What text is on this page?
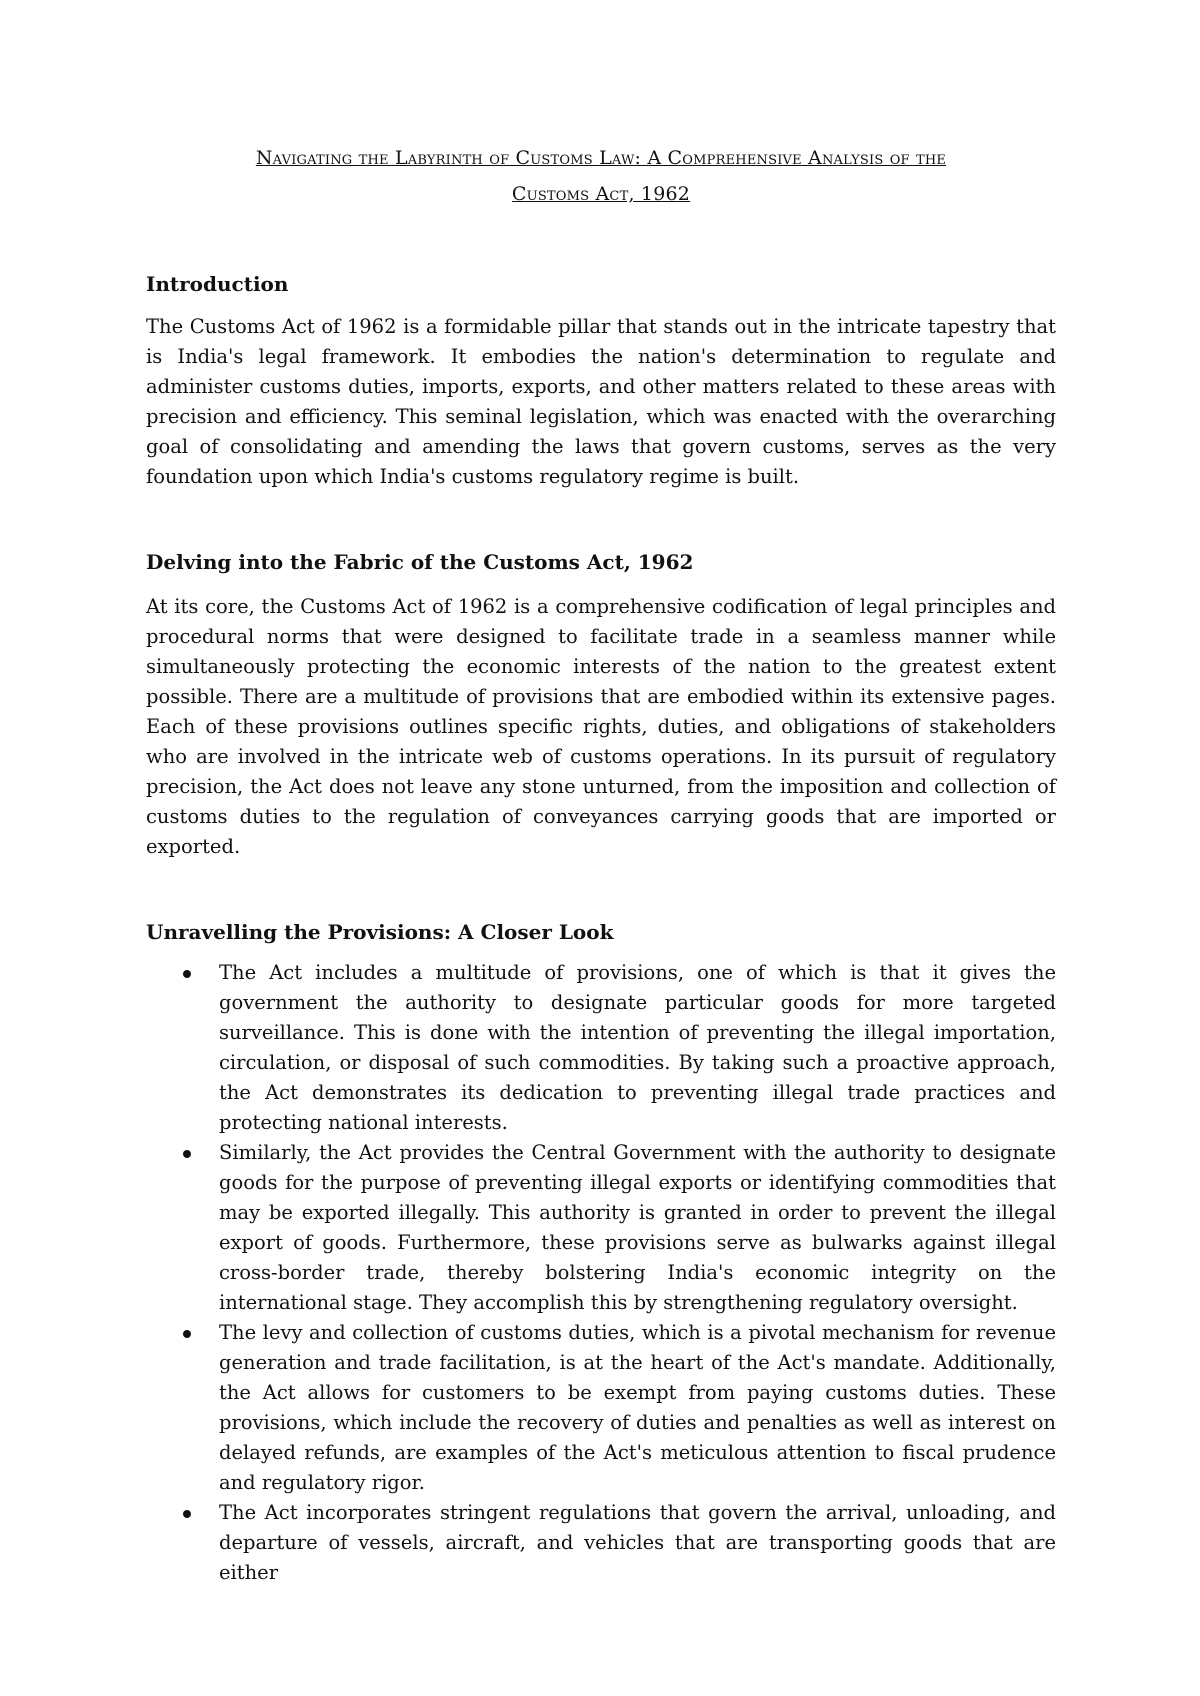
Navigating the Labyrinth of Customs Law: A Comprehensive Analysis of the
Customs Act, 1962
Introduction

The Customs Act of 1962 is a formidable pillar that stands out in the intricate tapestry that is India's legal framework. It embodies the nation's determination to regulate and administer customs duties, imports, exports, and other matters related to these areas with precision and efficiency. This seminal legislation, which was enacted with the overarching goal of consolidating and amending the laws that govern customs, serves as the very foundation upon which India's customs regulatory regime is built.

Delving into the Fabric of the Customs Act, 1962

At its core, the Customs Act of 1962 is a comprehensive codification of legal principles and procedural norms that were designed to facilitate trade in a seamless manner while simultaneously protecting the economic interests of the nation to the greatest extent possible. There are a multitude of provisions that are embodied within its extensive pages. Each of these provisions outlines specific rights, duties, and obligations of stakeholders who are involved in the intricate web of customs operations. In its pursuit of regulatory precision, the Act does not leave any stone unturned, from the imposition and collection of customs duties to the regulation of conveyances carrying goods that are imported or exported.

Unravelling the Provisions: A Closer Look
The Act includes a multitude of provisions, one of which is that it gives the government the authority to designate particular goods for more targeted surveillance. This is done with the intention of preventing the illegal importation, circulation, or disposal of such commodities. By taking such a proactive approach, the Act demonstrates its dedication to preventing illegal trade practices and protecting national interests.
Similarly, the Act provides the Central Government with the authority to designate goods for the purpose of preventing illegal exports or identifying commodities that may be exported illegally. This authority is granted in order to prevent the illegal export of goods. Furthermore, these provisions serve as bulwarks against illegal cross-border trade, thereby bolstering India's economic integrity on the international stage. They accomplish this by strengthening regulatory oversight.
The levy and collection of customs duties, which is a pivotal mechanism for revenue generation and trade facilitation, is at the heart of the Act's mandate. Additionally, the Act allows for customers to be exempt from paying customs duties. These provisions, which include the recovery of duties and penalties as well as interest on delayed refunds, are examples of the Act's meticulous attention to fiscal prudence and regulatory rigor.
The Act incorporates stringent regulations that govern the arrival, unloading, and departure of vessels, aircraft, and vehicles that are transporting goods that are either
